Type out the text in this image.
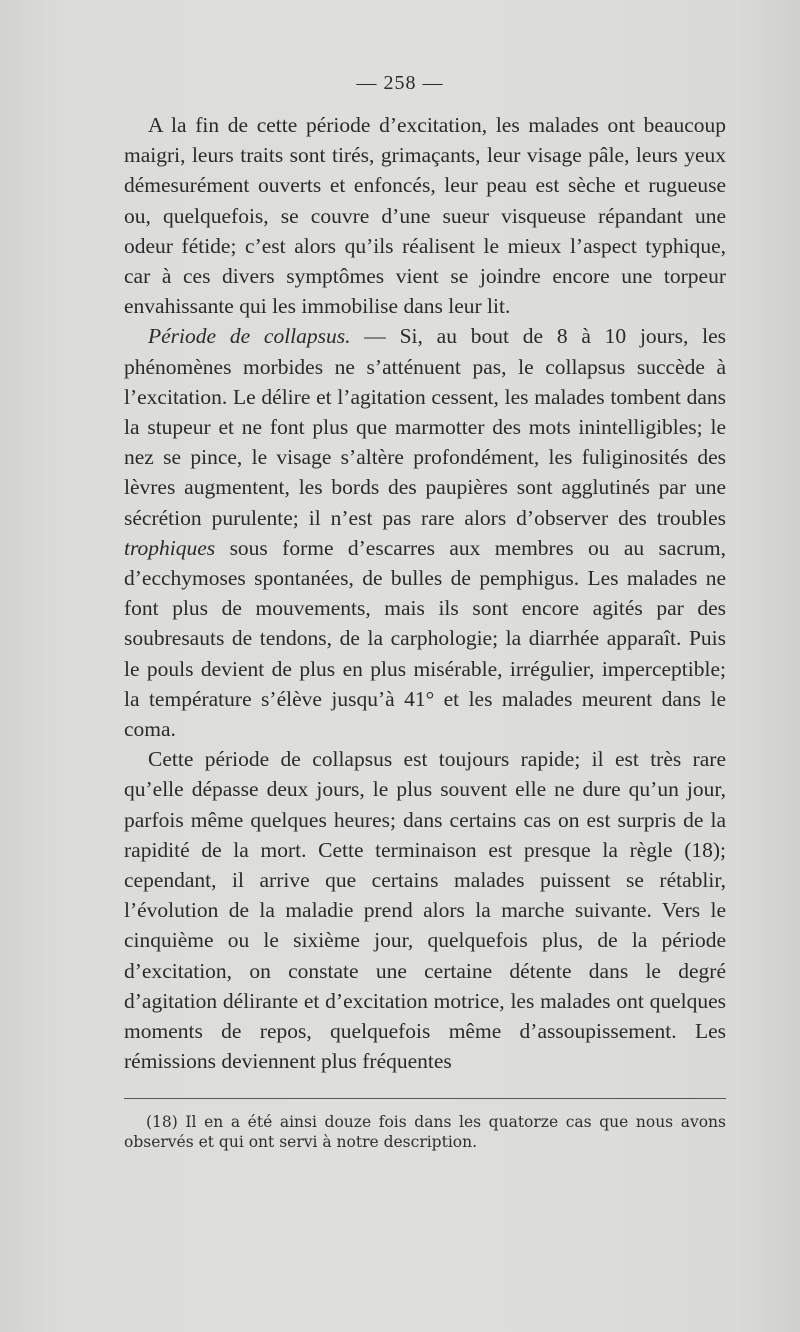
— 258 —

A la fin de cette période d’excitation, les malades ont beaucoup maigri, leurs traits sont tirés, grimaçants, leur visage pâle, leurs yeux démesurément ouverts et enfoncés, leur peau est sèche et rugueuse ou, quelquefois, se couvre d’une sueur visqueuse répandant une odeur fétide; c’est alors qu’ils réalisent le mieux l’aspect typhique, car à ces divers symptômes vient se joindre encore une torpeur envahissante qui les immobilise dans leur lit.

Période de collapsus. — Si, au bout de 8 à 10 jours, les phénomènes morbides ne s’atténuent pas, le collapsus succède à l’excitation. Le délire et l’agitation cessent, les malades tombent dans la stupeur et ne font plus que marmotter des mots inintelligibles; le nez se pince, le visage s’altère profondément, les fuliginosités des lèvres augmentent, les bords des paupières sont agglutinés par une sécrétion purulente; il n’est pas rare alors d’observer des troubles trophiques sous forme d’escarres aux membres ou au sacrum, d’ecchymoses spontanées, de bulles de pemphigus. Les malades ne font plus de mouvements, mais ils sont encore agités par des soubresauts de tendons, de la carphologie; la diarrhée apparaît. Puis le pouls devient de plus en plus misérable, irrégulier, imperceptible; la température s’élève jusqu’à 41° et les malades meurent dans le coma.

Cette période de collapsus est toujours rapide; il est très rare qu’elle dépasse deux jours, le plus souvent elle ne dure qu’un jour, parfois même quelques heures; dans certains cas on est surpris de la rapidité de la mort. Cette terminaison est presque la règle (18); cependant, il arrive que certains malades puissent se rétablir, l’évolution de la maladie prend alors la marche suivante. Vers le cinquième ou le sixième jour, quelquefois plus, de la période d’excitation, on constate une certaine détente dans le degré d’agitation délirante et d’excitation motrice, les malades ont quelques moments de repos, quelquefois même d’assoupissement. Les rémissions deviennent plus fréquentes

(18) Il en a été ainsi douze fois dans les quatorze cas que nous avons observés et qui ont servi à notre description.
